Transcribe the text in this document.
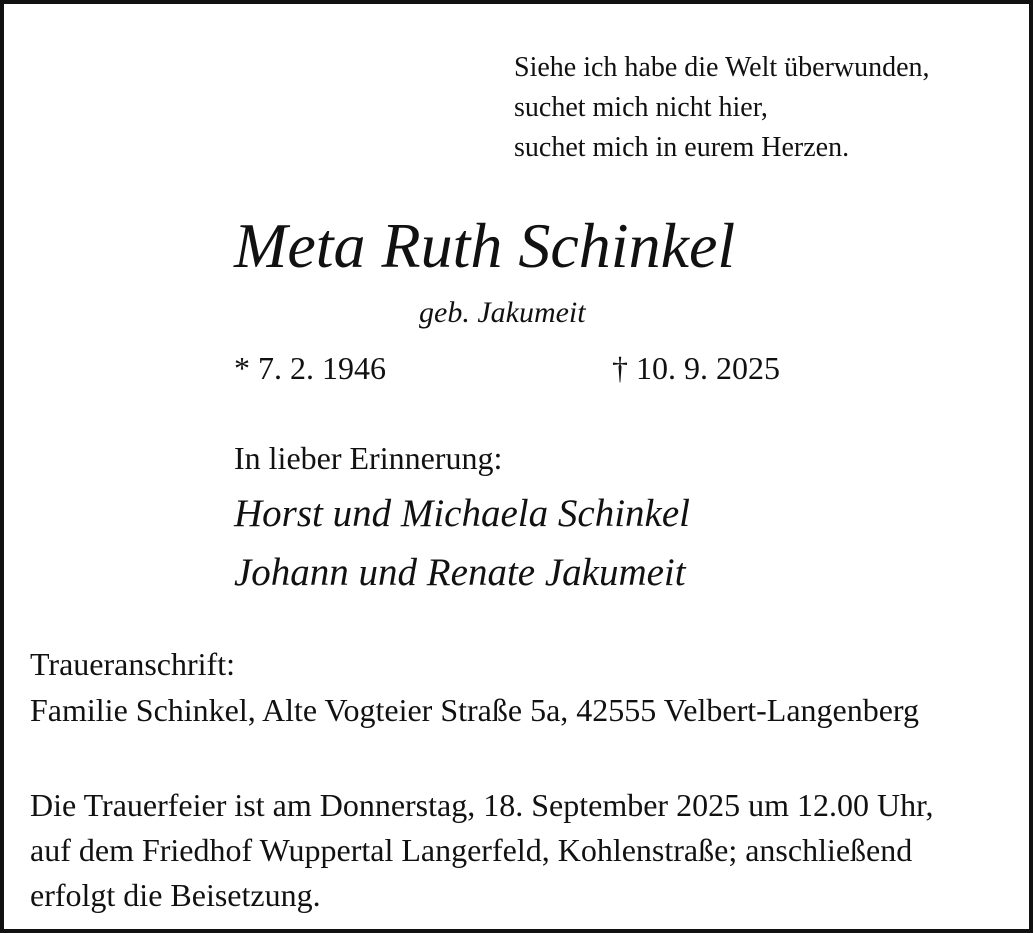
Siehe ich habe die Welt überwunden,
suchet mich nicht hier,
suchet mich in eurem Herzen.
Meta Ruth Schinkel
geb. Jakumeit
* 7. 2. 1946	† 10. 9. 2025
In lieber Erinnerung:
Horst und Michaela Schinkel
Johann und Renate Jakumeit
Traueranschrift:
Familie Schinkel, Alte Vogteier Straße 5a, 42555 Velbert-Langenberg
Die Trauerfeier ist am Donnerstag, 18. September 2025 um 12.00 Uhr,
auf dem Friedhof Wuppertal Langerfeld, Kohlenstraße; anschließend
erfolgt die Beisetzung.
